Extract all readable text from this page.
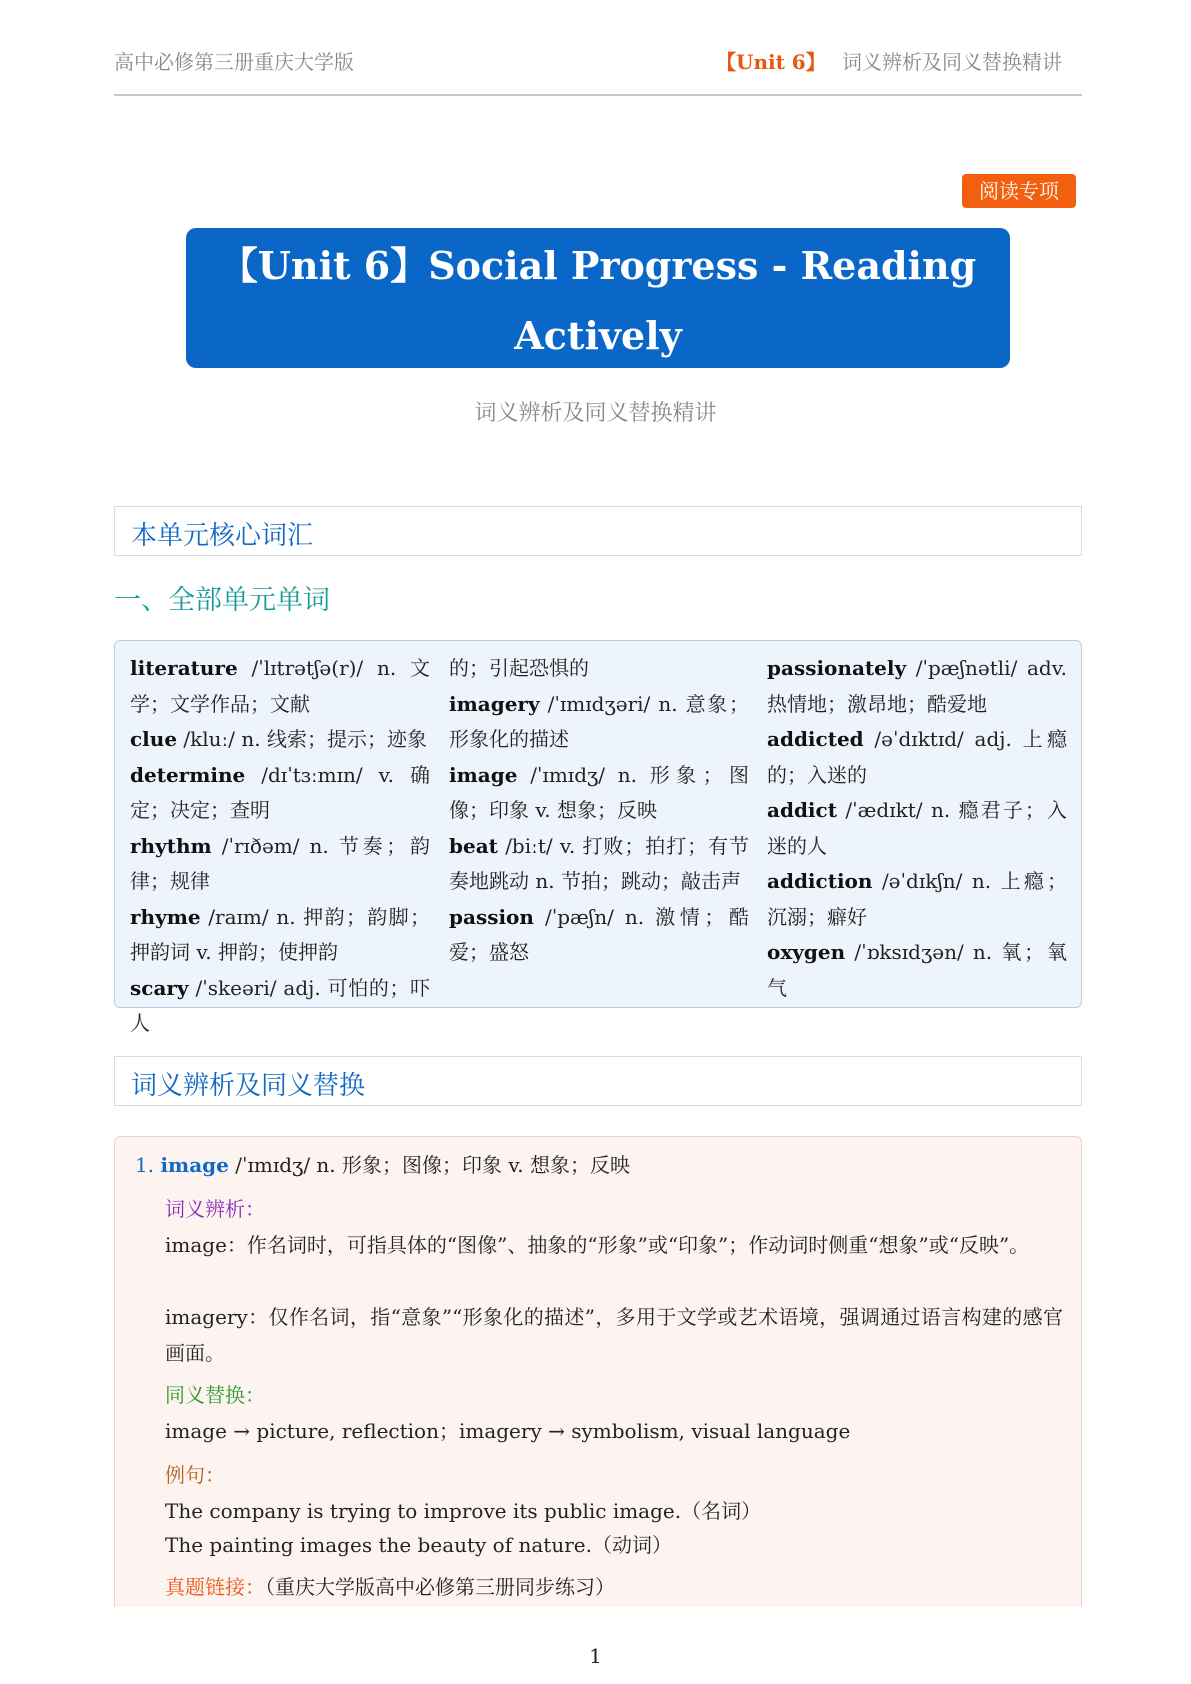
高中必修第三册重庆大学版	【Unit 6】 词义辨析及同义替换精讲
阅读专项
【Unit 6】Social Progress - Reading
Actively
词义辨析及同义替换精讲
本单元核心词汇
一、全部单元单词
literature /ˈlɪtrətʃə(r)/ n. 文学；文学作品；文献
clue /kluː/ n. 线索；提示；迹象
determine /dɪˈtɜːmɪn/ v. 确定；决定；查明
rhythm /ˈrɪðəm/ n. 节奏；韵律；规律
rhyme /raɪm/ n. 押韵；韵脚；押韵词 v. 押韵；使押韵
scary /ˈskeəri/ adj. 可怕的；吓人
的；引起恐惧的
imagery /ˈɪmɪdʒəri/ n. 意象；形象化的描述
image /ˈɪmɪdʒ/ n. 形象；图像；印象 v. 想象；反映
beat /biːt/ v. 打败；拍打；有节奏地跳动 n. 节拍；跳动；敲击声
passion /ˈpæʃn/ n. 激情；酷爱；盛怒
passionately /ˈpæʃnətli/ adv. 热情地；激昂地；酷爱地
addicted /əˈdɪktɪd/ adj. 上瘾的；入迷的
addict /ˈædɪkt/ n. 瘾君子；入迷的人
addiction /əˈdɪkʃn/ n. 上瘾；沉溺；癖好
oxygen /ˈɒksɪdʒən/ n. 氧；氧气
词义辨析及同义替换
1. image /ˈɪmɪdʒ/ n. 形象；图像；印象 v. 想象；反映
词义辨析：
image：作名词时，可指具体的“图像”、抽象的“形象”或“印象”；作动词时侧重“想象”或“反映”。
imagery：仅作名词，指“意象”“形象化的描述”，多用于文学或艺术语境，强调通过语言构建的感官画面。
同义替换：
image → picture, reflection；imagery → symbolism, visual language
例句：
The company is trying to improve its public image.（名词）
The painting images the beauty of nature.（动词）
真题链接：（重庆大学版高中必修第三册同步练习）
1
